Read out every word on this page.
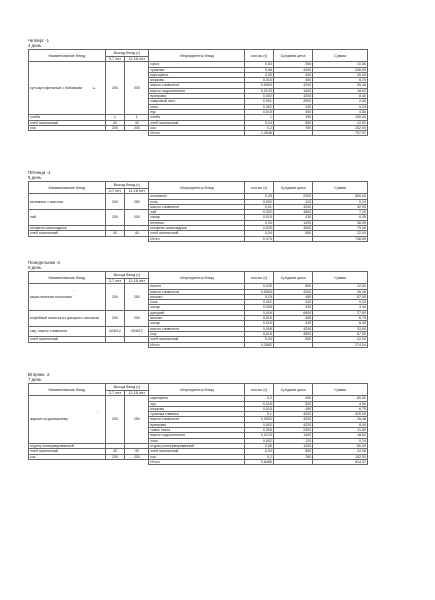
Четверг -1
4 день
Наименование блюд	Выход блюд (г)		Ингредиенты блюд	кол-во (г)	Средняя цена	Сумма
	3-7 лет	11-18 лет				
суп картофельный с бобовыми	250	300	горох	0,03	350	10,50
			тушенка	0,08	4200	336,00
			картофель	0,05	400	20,00
			морковь	0,015	450	6,75
			масло сливочное	0,0063	4200	26,46
			масло подсолнечное	0,0133	1400	18,62
			приправа	0,002	4200	8,40
			лавровый лист	0,001	2500	2,50
			соль	0,002	120	0,24
			лук	0,015	300	4,50
хлеба	1	1	хлеба	1	150	150,00
хлеб пшеничный	40	40	хлеб пшеничный	0,04	550	22,00
сок	200	200	сок	0,2	760	152,00
			Итого	1,4546		757,97
Пятница -1
5 день
Наименование блюд	Выход блюд (г)		Ингредиенты блюд	кол-во (г)	Средняя цена	Сумма
	3-7 лет	11-18 лет				
пельмени с маслом	200	250	пельмени	0,25	2200	550,00
			соль	0,002	120	0,24
			масло сливочное	0,01	4200	42,00
чай	200	200	чай	0,002	3600	7,20
			сахар	0,015	430	6,45
			печенье	0,03	1200	36,00
конфеты шоколадные			конфеты шоколадные	0,025	3000	75,00
хлеб пшеничный	40	40	хлеб пшеничный	0,04	550	22,00
			Итого	0,374		738,89
Понедельник -2
6 день
Наименование блюд	Выход блюд (г)		Ингредиенты блюд	кол-во (г)	Средняя цена	Сумма
	3-7 лет	11-18 лет				
каша пшенная молочная	200	250	пшено	0,025	500	12,50
			масло сливочное	0,0063	4200	26,46
			молоко	0,15	450	67,50
			соль	0,002	120	0,24
			сахар	0,008	430	3,44
кофейный напиток из цикория с молоком	200	200	цикорий	0,004	6900	27,60
			молоко	0,015	450	6,75
			сахар	0,015	430	6,45
сыр, масло сливочное	40/8/12	40/8/12	масло сливочное	0,008	4200	33,60
			сыр	0,015	4500	67,50
хлеб пшеничный			хлеб пшеничный	0,04	550	22,00
			Итого	0,2883		274,04
Вторник -2
7 день
Наименование блюд	Выход блюд (г)		Ингредиенты блюд	кол-во (г)	Средняя цена	Сумма
	3-7 лет	11-18 лет				
жаркое по-домашнему	200	250	картофель	0,2	400	80,00
			лук	0,015	300	4,50
			морковь	0,015	450	6,75
			тушенка говяжья	0,1	4200	420,00
			масло сливочное	0,0063	4200	26,46
			приправа	0,002	4200	8,40
			томат паста	0,005	2300	11,50
			масло подсолнечное	0,0133	1400	18,62
			соль	0,002	120	0,24
огурец консервированный			огурец консервированный	0,06	1000	60,00
хлеб пшеничный	40	40	хлеб пшеничный	0,04	550	22,00
сок	200	200	сок	0,2	760	152,00
			Итого	0,6486		814,37
⌁
·
·
